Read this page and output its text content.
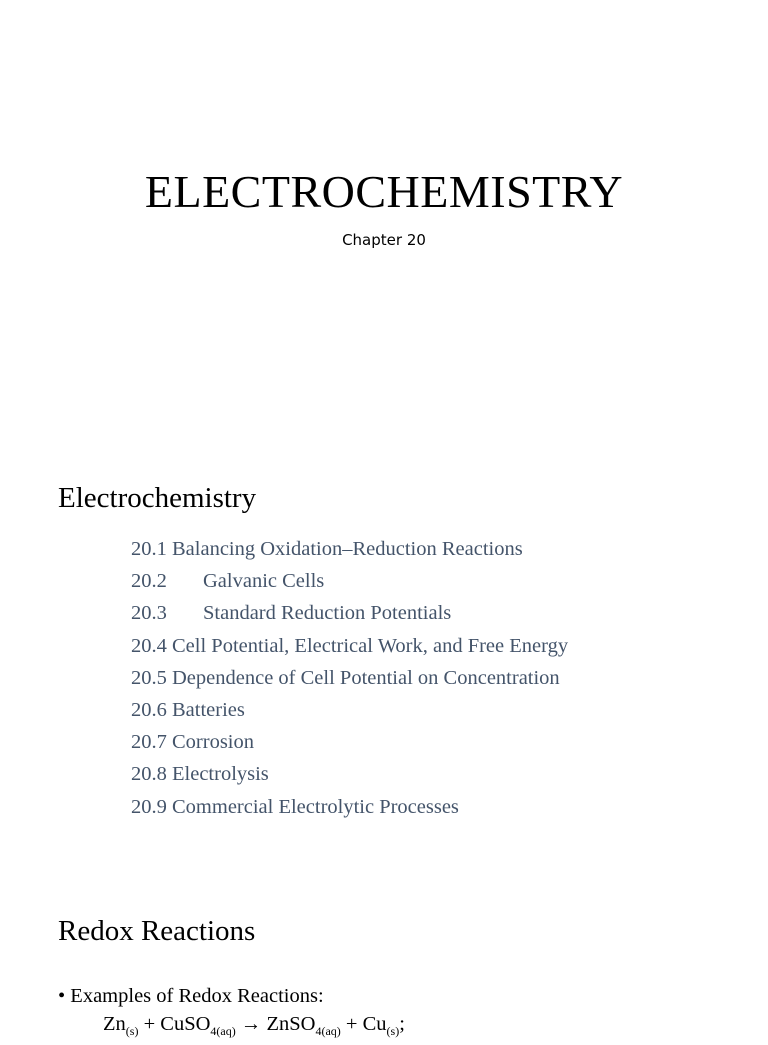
ELECTROCHEMISTRY
Chapter 20
Electrochemistry
20.1 Balancing Oxidation–Reduction Reactions
20.2 Galvanic Cells
20.3 Standard Reduction Potentials
20.4 Cell Potential, Electrical Work, and Free Energy
20.5 Dependence of Cell Potential on Concentration
20.6 Batteries
20.7 Corrosion
20.8 Electrolysis
20.9 Commercial Electrolytic Processes
Redox Reactions
• Examples of Redox Reactions:
$Zn_{(s)}$ + CuSO$_{4(aq)}$ → ZnSO$_{4(aq)}$ + $Cu_{(s)}$;
